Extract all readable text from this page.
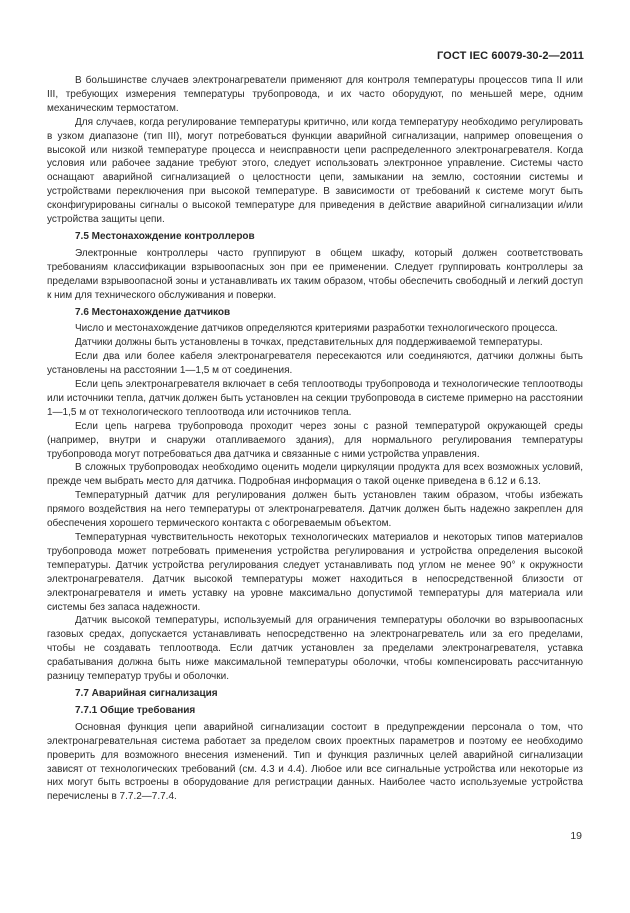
ГОСТ IEC 60079-30-2—2011

В большинстве случаев электронагреватели применяют для контроля температуры процессов типа II или III, требующих измерения температуры трубопровода, и их часто оборудуют, по меньшей мере, одним механическим термостатом.

Для случаев, когда регулирование температуры критично, или когда температуру необходимо регулировать в узком диапазоне (тип III), могут потребоваться функции аварийной сигнализации, например оповещения о высокой или низкой температуре процесса и неисправности цепи распределенного электронагревателя. Когда условия или рабочее задание требуют этого, следует использовать электронное управление. Системы часто оснащают аварийной сигнализацией о целостности цепи, замыкании на землю, состоянии системы и устройствами переключения при высокой температуре. В зависимости от требований к системе могут быть сконфигурированы сигналы о высокой температуре для приведения в действие аварийной сигнализации и/или устройства защиты цепи.

7.5 Местонахождение контроллеров

Электронные контроллеры часто группируют в общем шкафу, который должен соответствовать требованиям классификации взрывоопасных зон при ее применении. Следует группировать контроллеры за пределами взрывоопасной зоны и устанавливать их таким образом, чтобы обеспечить свободный и легкий доступ к ним для технического обслуживания и поверки.

7.6 Местонахождение датчиков

Число и местонахождение датчиков определяются критериями разработки технологического процесса.

Датчики должны быть установлены в точках, представительных для поддерживаемой температуры.

Если два или более кабеля электронагревателя пересекаются или соединяются, датчики должны быть установлены на расстоянии 1—1,5 м от соединения.

Если цепь электронагревателя включает в себя теплоотводы трубопровода и технологические теплоотводы или источники тепла, датчик должен быть установлен на секции трубопровода в системе примерно на расстоянии 1—1,5 м от технологического теплоотвода или источников тепла.

Если цепь нагрева трубопровода проходит через зоны с разной температурой окружающей среды (например, внутри и снаружи отапливаемого здания), для нормального регулирования температуры трубопровода могут потребоваться два датчика и связанные с ними устройства управления.

В сложных трубопроводах необходимо оценить модели циркуляции продукта для всех возможных условий, прежде чем выбрать место для датчика. Подробная информация о такой оценке приведена в 6.12 и 6.13.

Температурный датчик для регулирования должен быть установлен таким образом, чтобы избежать прямого воздействия на него температуры от электронагревателя. Датчик должен быть надежно закреплен для обеспечения хорошего термического контакта с обогреваемым объектом.

Температурная чувствительность некоторых технологических материалов и некоторых типов материалов трубопровода может потребовать применения устройства регулирования и устройства определения высокой температуры. Датчик устройства регулирования следует устанавливать под углом не менее 90° к окружности электронагревателя. Датчик высокой температуры может находиться в непосредственной близости от электронагревателя и иметь уставку на уровне максимально допустимой температуры для материала или системы без запаса надежности.

Датчик высокой температуры, используемый для ограничения температуры оболочки во взрывоопасных газовых средах, допускается устанавливать непосредственно на электронагреватель или за его пределами, чтобы не создавать теплоотвода. Если датчик установлен за пределами электронагревателя, уставка срабатывания должна быть ниже максимальной температуры оболочки, чтобы компенсировать рассчитанную разницу температур трубы и оболочки.

7.7 Аварийная сигнализация
7.7.1 Общие требования

Основная функция цепи аварийной сигнализации состоит в предупреждении персонала о том, что электронагревательная система работает за пределом своих проектных параметров и поэтому ее необходимо проверить для возможного внесения изменений. Тип и функция различных целей аварийной сигнализации зависят от технологических требований (см. 4.3 и 4.4). Любое или все сигнальные устройства или некоторые из них могут быть встроены в оборудование для регистрации данных. Наиболее часто используемые устройства перечислены в 7.7.2—7.7.4.

19
